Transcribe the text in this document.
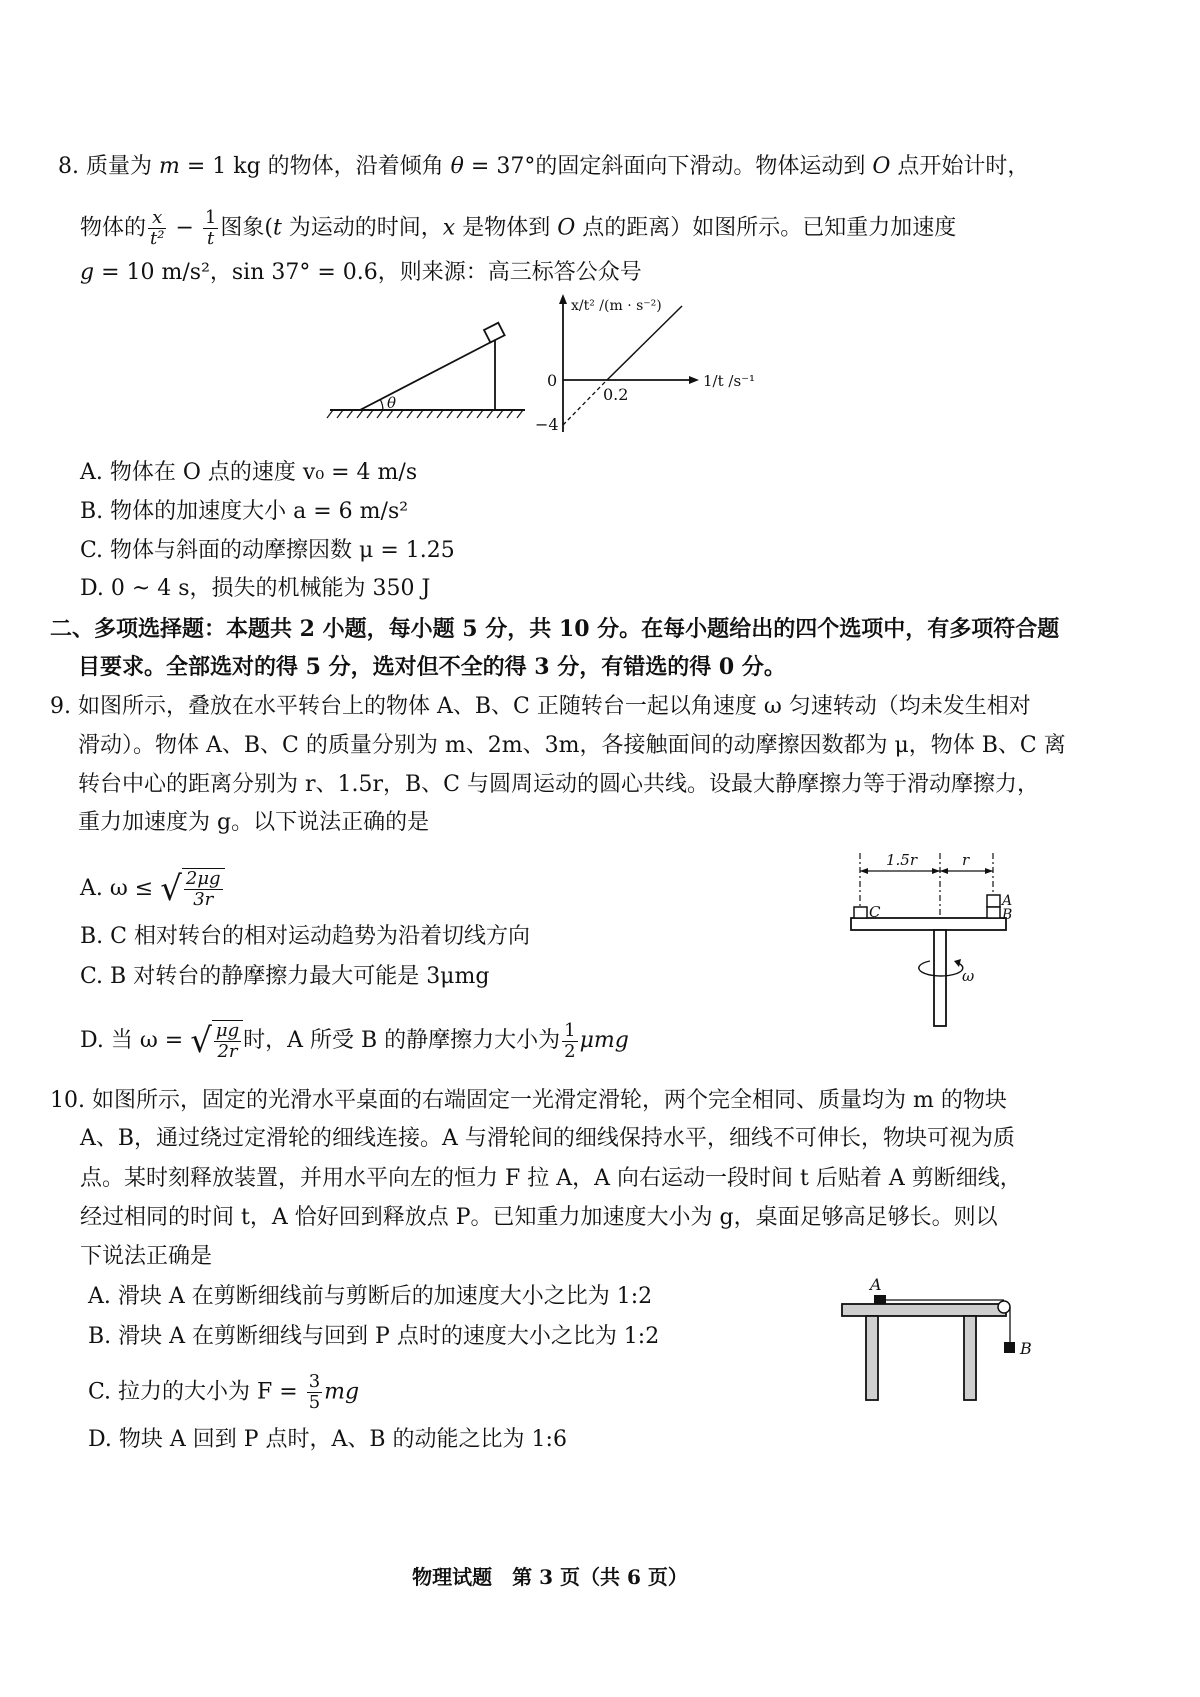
8. 质量为 m = 1 kg 的物体，沿着倾角 θ = 37°的固定斜面向下滑动。物体运动到 O 点开始计时，
物体的 $\frac{x}{\text{t²}} - \frac{1}{t}$ 图象(t 为运动的时间，x 是物体到 O 点的距离）如图所示。已知重力加速度
g = 10 m/s²，sin 37° = 0.6，则来源：高三标答公众号
θ
x/t² /(m · s⁻²)
1/t /s⁻¹
0
0.2
−4
A. 物体在 O 点的速度 v₀ = 4 m/s
B. 物体的加速度大小 a = 6 m/s²
C. 物体与斜面的动摩擦因数 μ = 1.25
D. 0 ~ 4 s，损失的机械能为 350 J
二、多项选择题：本题共 2 小题，每小题 5 分，共 10 分。在每小题给出的四个选项中，有多项符合题
目要求。全部选对的得 5 分，选对但不全的得 3 分，有错选的得 0 分。
9. 如图所示，叠放在水平转台上的物体 A、B、C 正随转台一起以角速度 ω 匀速转动（均未发生相对
滑动）。物体 A、B、C 的质量分别为 m、2m、3m，各接触面间的动摩擦因数都为 μ，物体 B、C 离
转台中心的距离分别为 r、1.5r，B、C 与圆周运动的圆心共线。设最大静摩擦力等于滑动摩擦力，
重力加速度为 g。以下说法正确的是
A. ω ≤ √ $\frac{2\mu g}{3r}$
B. C 相对转台的相对运动趋势为沿着切线方向
C. B 对转台的静摩擦力最大可能是 3μmg
D. 当 ω = √ $\frac{\mu g}{2r}$ 时，A 所受 B 的静摩擦力大小为 $\frac{1}{2}$ μmg
1.5r	r
C
A
B
ω
10. 如图所示，固定的光滑水平桌面的右端固定一光滑定滑轮，两个完全相同、质量均为 m 的物块
A、B，通过绕过定滑轮的细线连接。A 与滑轮间的细线保持水平，细线不可伸长，物块可视为质
点。某时刻释放装置，并用水平向左的恒力 F 拉 A，A 向右运动一段时间 t 后贴着 A 剪断细线，
经过相同的时间 t，A 恰好回到释放点 P。已知重力加速度大小为 g，桌面足够高足够长。则以
下说法正确是
A. 滑块 A 在剪断细线前与剪断后的加速度大小之比为 1:2
B. 滑块 A 在剪断细线与回到 P 点时的速度大小之比为 1:2
C. 拉力的大小为 $F = \frac{3}{5}$ mg
D. 物块 A 回到 P 点时，A、B 的动能之比为 1:6
A
B
物理试题　第 3 页（共 6 页）
